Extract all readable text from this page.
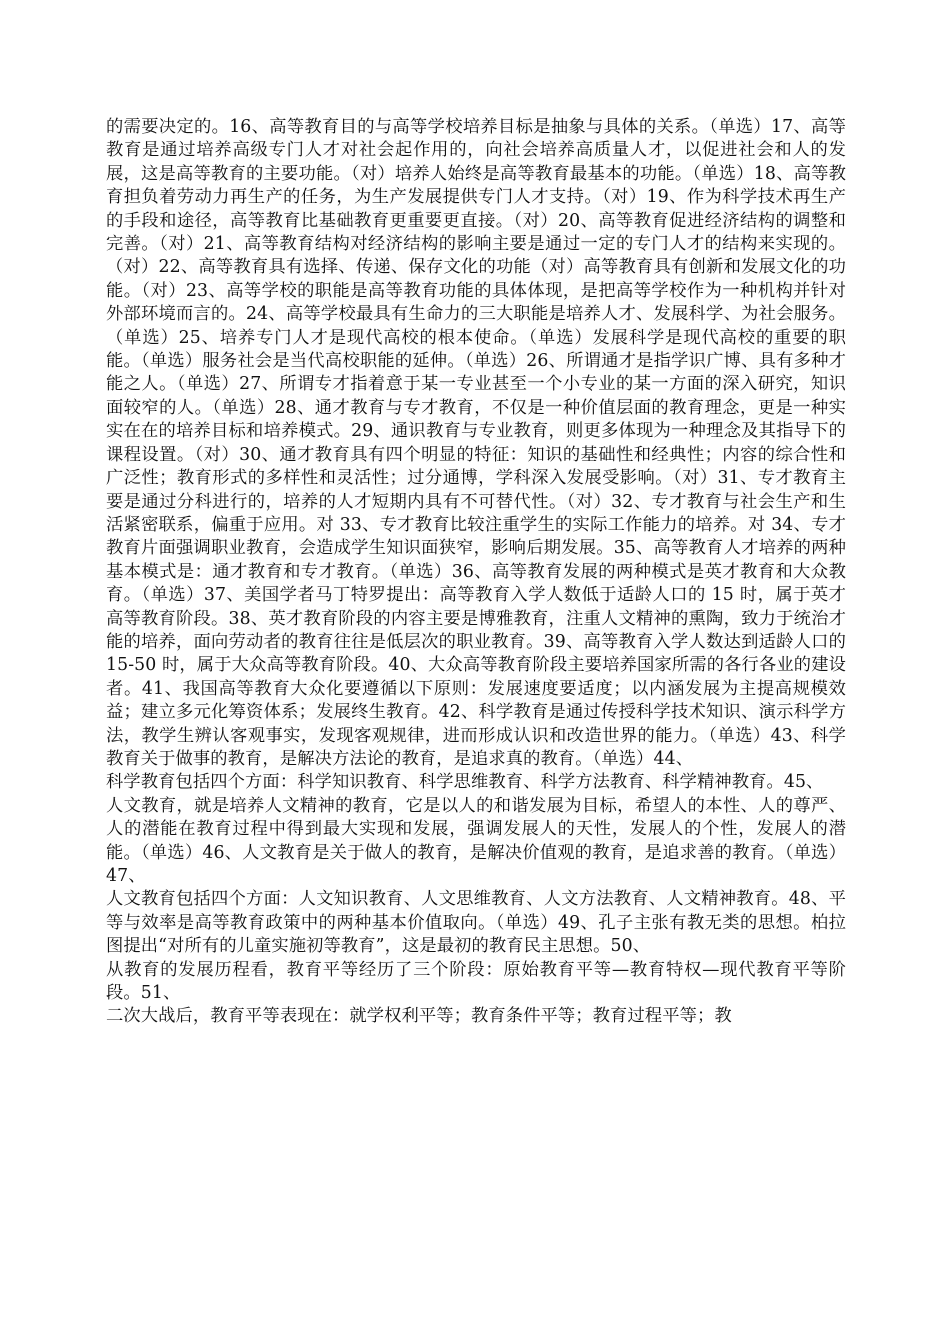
的需要决定的。16、高等教育目的与高等学校培养目标是抽象与具体的关系。（单选）17、高等教育是通过培养高级专门人才对社会起作用的，向社会培养高质量人才，以促进社会和人的发展，这是高等教育的主要功能。（对）培养人始终是高等教育最基本的功能。（单选）18、高等教育担负着劳动力再生产的任务，为生产发展提供专门人才支持。（对）19、作为科学技术再生产的手段和途径，高等教育比基础教育更重要更直接。（对）20、高等教育促进经济结构的调整和完善。（对）21、高等教育结构对经济结构的影响主要是通过一定的专门人才的结构来实现的。（对）22、高等教育具有选择、传递、保存文化的功能（对）高等教育具有创新和发展文化的功能。（对）23、高等学校的职能是高等教育功能的具体体现，是把高等学校作为一种机构并针对外部环境而言的。24、高等学校最具有生命力的三大职能是培养人才、发展科学、为社会服务。（单选）25、培养专门人才是现代高校的根本使命。（单选）发展科学是现代高校的重要的职能。（单选）服务社会是当代高校职能的延伸。（单选）26、所谓通才是指学识广博、具有多种才能之人。（单选）27、所谓专才指着意于某一专业甚至一个小专业的某一方面的深入研究，知识面较窄的人。（单选）28、通才教育与专才教育，不仅是一种价值层面的教育理念，更是一种实实在在的培养目标和培养模式。29、通识教育与专业教育，则更多体现为一种理念及其指导下的课程设置。（对）30、通才教育具有四个明显的特征：知识的基础性和经典性；内容的综合性和广泛性；教育形式的多样性和灵活性；过分通博，学科深入发展受影响。（对）31、专才教育主要是通过分科进行的，培养的人才短期内具有不可替代性。（对）32、专才教育与社会生产和生活紧密联系，偏重于应用。对 33、专才教育比较注重学生的实际工作能力的培养。对 34、专才教育片面强调职业教育，会造成学生知识面狭窄，影响后期发展。35、高等教育人才培养的两种基本模式是：通才教育和专才教育。（单选）36、高等教育发展的两种模式是英才教育和大众教育。（单选）37、美国学者马丁特罗提出：高等教育入学人数低于适龄人口的 15 时，属于英才高等教育阶段。38、英才教育阶段的内容主要是博雅教育，注重人文精神的熏陶，致力于统治才能的培养，面向劳动者的教育往往是低层次的职业教育。39、高等教育入学人数达到适龄人口的 15-50 时，属于大众高等教育阶段。40、大众高等教育阶段主要培养国家所需的各行各业的建设者。41、我国高等教育大众化要遵循以下原则：发展速度要适度；以内涵发展为主提高规模效益；建立多元化筹资体系；发展终生教育。42、科学教育是通过传授科学技术知识、演示科学方法，教学生辨认客观事实，发现客观规律，进而形成认识和改造世界的能力。（单选）43、科学教育关于做事的教育，是解决方法论的教育，是追求真的教育。（单选）44、

科学教育包括四个方面：科学知识教育、科学思维教育、科学方法教育、科学精神教育。45、

人文教育，就是培养人文精神的教育，它是以人的和谐发展为目标，希望人的本性、人的尊严、人的潜能在教育过程中得到最大实现和发展，强调发展人的天性，发展人的个性，发展人的潜能。（单选）46、人文教育是关于做人的教育，是解决价值观的教育，是追求善的教育。（单选）47、

人文教育包括四个方面：人文知识教育、人文思维教育、人文方法教育、人文精神教育。48、平等与效率是高等教育政策中的两种基本价值取向。（单选）49、孔子主张有教无类的思想。柏拉图提出“对所有的儿童实施初等教育”，这是最初的教育民主思想。50、

从教育的发展历程看，教育平等经历了三个阶段：原始教育平等—教育特权—现代教育平等阶段。51、

二次大战后，教育平等表现在：就学权利平等；教育条件平等；教育过程平等；教
